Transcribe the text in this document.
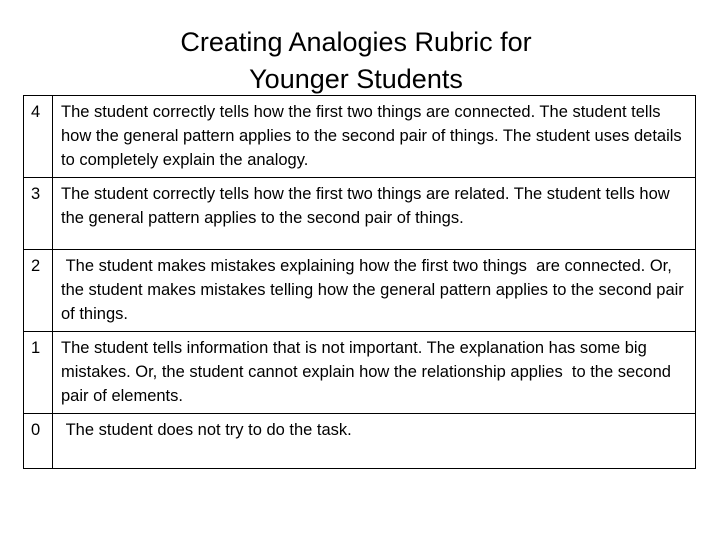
Creating Analogies Rubric for
Younger Students
4	The student correctly tells how the first two things are connected. The student tells how the general pattern applies to the second pair of things. The student uses details to completely explain the analogy.
3	The student correctly tells how the first two things are related. The student tells how the general pattern applies to the second pair of things.
2	The student makes mistakes explaining how the first two things  are connected. Or, the student makes mistakes telling how the general pattern applies to the second pair of things.
1	The student tells information that is not important. The explanation has some big mistakes. Or, the student cannot explain how the relationship applies  to the second pair of elements.
0	The student does not try to do the task.
